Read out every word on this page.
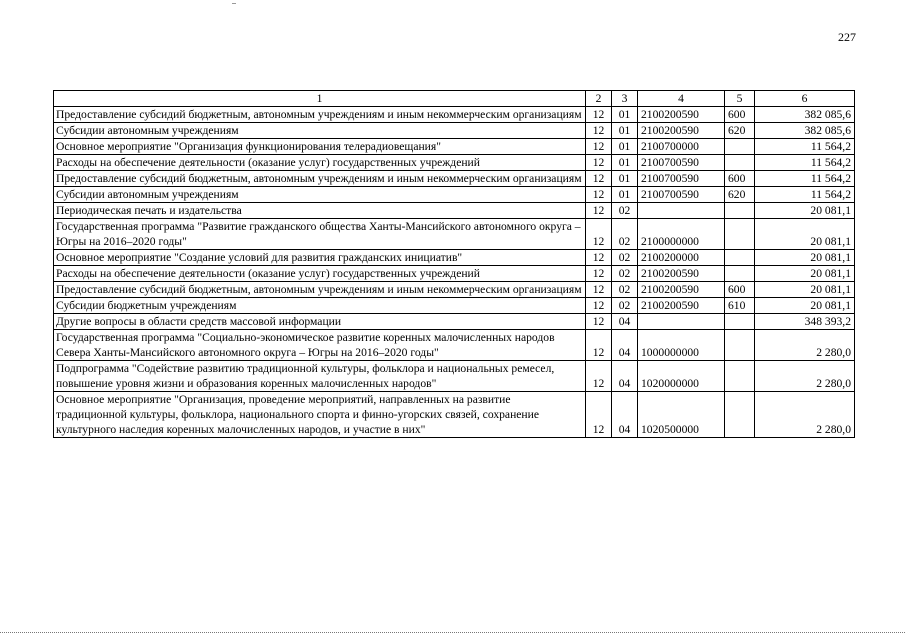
227
1	2	3	4	5	6
Предоставление субсидий бюджетным, автономным учреждениям и иным некоммерческим организациям	12	01	2100200590	600	382 085,6
Субсидии автономным учреждениям	12	01	2100200590	620	382 085,6
Основное мероприятие "Организация функционирования телерадиовещания"	12	01	2100700000		11 564,2
Расходы на обеспечение деятельности (оказание услуг) государственных учреждений	12	01	2100700590		11 564,2
Предоставление субсидий бюджетным, автономным учреждениям и иным некоммерческим организациям	12	01	2100700590	600	11 564,2
Субсидии автономным учреждениям	12	01	2100700590	620	11 564,2
Периодическая печать и издательства	12	02			20 081,1
Государственная программа "Развитие гражданского общества Ханты-Мансийского автономного округа – Югры на 2016–2020 годы"	12	02	2100000000		20 081,1
Основное мероприятие "Создание условий для развития гражданских инициатив"	12	02	2100200000		20 081,1
Расходы на обеспечение деятельности (оказание услуг) государственных учреждений	12	02	2100200590		20 081,1
Предоставление субсидий бюджетным, автономным учреждениям и иным некоммерческим организациям	12	02	2100200590	600	20 081,1
Субсидии бюджетным учреждениям	12	02	2100200590	610	20 081,1
Другие вопросы в области средств массовой информации	12	04			348 393,2
Государственная программа "Социально-экономическое развитие коренных малочисленных народов Севера Ханты-Мансийского автономного округа – Югры на 2016–2020 годы"	12	04	1000000000		2 280,0
Подпрограмма "Содействие развитию традиционной культуры, фольклора и национальных ремесел, повышение уровня жизни и образования коренных малочисленных народов"	12	04	1020000000		2 280,0
Основное мероприятие "Организация, проведение мероприятий, направленных на развитие традиционной культуры, фольклора, национального спорта и финно-угорских связей, сохранение культурного наследия коренных малочисленных народов, и участие в них"	12	04	1020500000		2 280,0
